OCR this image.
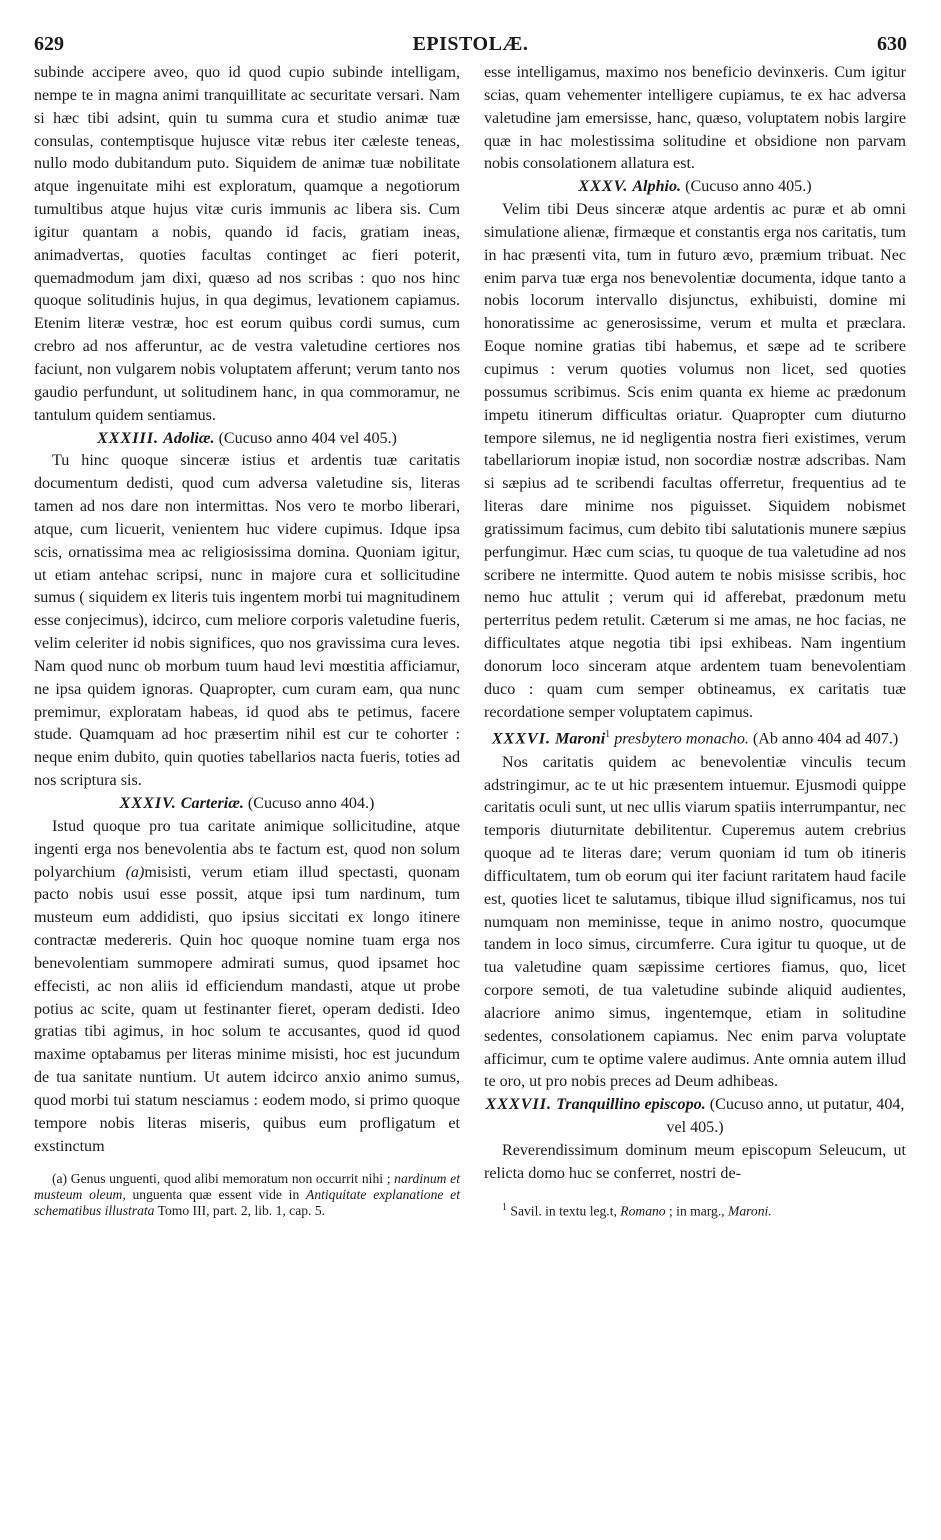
629	EPISTOLÆ.	630

subinde accipere aveo, quo id quod cupio subinde intelligam, nempe te in magna animi tranquillitate ac securitate versari. Nam si hæc tibi adsint, quin tu summa cura et studio animæ tuæ consulas, contemptisque hujusce vitæ rebus iter cæleste teneas, nullo modo dubitandum puto. Siquidem de animæ tuæ nobilitate atque ingenuitate mihi est exploratum, quamque a negotiorum tumultibus atque hujus vitæ curis immunis ac libera sis. Cum igitur quantam a nobis, quando id facis, gratiam ineas, animadvertas, quoties facultas continget ac fieri poterit, quemadmodum jam dixi, quæso ad nos scribas : quo nos hinc quoque solitudinis hujus, in qua degimus, levationem capiamus. Etenim literæ vestræ, hoc est eorum quibus cordi sumus, cum crebro ad nos afferuntur, ac de vestra valetudine certiores nos faciunt, non vulgarem nobis voluptatem afferunt; verum tanto nos gaudio perfundunt, ut solitudinem hanc, in qua commoramur, ne tantulum quidem sentiamus.

XXXIII. Adoliæ. (Cucuso anno 404 vel 405.)

Tu hinc quoque sinceræ istius et ardentis tuæ caritatis documentum dedisti, quod cum adversa valetudine sis, literas tamen ad nos dare non intermittas. Nos vero te morbo liberari, atque, cum licuerit, venientem huc videre cupimus. Idque ipsa scis, ornatissima mea ac religiosissima domina. Quoniam igitur, ut etiam antehac scripsi, nunc in majore cura et sollicitudine sumus ( siquidem ex literis tuis ingentem morbi tui magnitudinem esse conjecimus), idcirco, cum meliore corporis valetudine fueris, velim celeriter id nobis significes, quo nos gravissima cura leves. Nam quod nunc ob morbum tuum haud levi mœstitia afficiamur, ne ipsa quidem ignoras. Quapropter, cum curam eam, qua nunc premimur, exploratam habeas, id quod abs te petimus, facere stude. Quamquam ad hoc præsertim nihil est cur te cohorter : neque enim dubito, quin quoties tabellarios nacta fueris, toties ad nos scriptura sis.

XXXIV. Carteriæ. (Cucuso anno 404.)

Istud quoque pro tua caritate animique sollicitudine, atque ingenti erga nos benevolentia abs te factum est, quod non solum polyarchium (a)misisti, verum etiam illud spectasti, quonam pacto nobis usui esse possit, atque ipsi tum nardinum, tum musteum eum addidisti, quo ipsius siccitati ex longo itinere contractæ medereris. Quin hoc quoque nomine tuam erga nos benevolentiam summopere admirati sumus, quod ipsamet hoc effecisti, ac non aliis id efficiendum mandasti, atque ut probe potius ac scite, quam ut festinanter fieret, operam dedisti. Ideo gratias tibi agimus, in hoc solum te accusantes, quod id quod maxime optabamus per literas minime misisti, hoc est jucundum de tua sanitate nuntium. Ut autem idcirco anxio animo sumus, quod morbi tui statum nesciamus : eodem modo, si primo quoque tempore nobis literas miseris, quibus eum profligatum et exstinctum

(a) Genus unguenti, quod alibi memoratum non occurrit nihi ; nardinum et musteum oleum, unguenta quæ essent vide in Antiquitate explanatione et schematibus illustrata Tomo III, part. 2, lib. 1, cap. 5.

esse intelligamus, maximo nos beneficio devinxeris. Cum igitur scias, quam vehementer intelligere cupiamus, te ex hac adversa valetudine jam emersisse, hanc, quæso, voluptatem nobis largire quæ in hac molestissima solitudine et obsidione non parvam nobis consolationem allatura est.

XXXV. Alphio. (Cucuso anno 405.)

Velim tibi Deus sinceræ atque ardentis ac puræ et ab omni simulatione alienæ, firmæque et constantis erga nos caritatis, tum in hac præsenti vita, tum in futuro ævo, præmium tribuat. Nec enim parva tuæ erga nos benevolentiæ documenta, idque tanto a nobis locorum intervallo disjunctus, exhibuisti, domine mi honoratissime ac generosissime, verum et multa et præclara. Eoque nomine gratias tibi habemus, et sæpe ad te scribere cupimus : verum quoties volumus non licet, sed quoties possumus scribimus. Scis enim quanta ex hieme ac prædonum impetu itinerum difficultas oriatur. Quapropter cum diuturno tempore silemus, ne id negligentia nostra fieri existimes, verum tabellariorum inopiæ istud, non socordiæ nostræ adscribas. Nam si sæpius ad te scribendi facultas offerretur, frequentius ad te literas dare minime nos piguisset. Siquidem nobismet gratissimum facimus, cum debito tibi salutationis munere sæpius perfungimur. Hæc cum scias, tu quoque de tua valetudine ad nos scribere ne intermitte. Quod autem te nobis misisse scribis, hoc nemo huc attulit ; verum qui id afferebat, prædonum metu perterritus pedem retulit. Cæterum si me amas, ne hoc facias, ne difficultates atque negotia tibi ipsi exhibeas. Nam ingentium donorum loco sinceram atque ardentem tuam benevolentiam duco : quam cum semper obtineamus, ex caritatis tuæ recordatione semper voluptatem capimus.

XXXVI. Maroni$^1$ presbytero monacho. (Ab anno 404 ad 407.)

Nos caritatis quidem ac benevolentiæ vinculis tecum adstringimur, ac te ut hic præsentem intuemur. Ejusmodi quippe caritatis oculi sunt, ut nec ullis viarum spatiis interrumpantur, nec temporis diuturnitate debilitentur. Cuperemus autem crebrius quoque ad te literas dare; verum quoniam id tum ob itineris difficultatem, tum ob eorum qui iter faciunt raritatem haud facile est, quoties licet te salutamus, tibique illud significamus, nos tui numquam non meminisse, teque in animo nostro, quocumque tandem in loco simus, circumferre. Cura igitur tu quoque, ut de tua valetudine quam sæpissime certiores fiamus, quo, licet corpore semoti, de tua valetudine subinde aliquid audientes, alacriore animo simus, ingentemque, etiam in solitudine sedentes, consolationem capiamus. Nec enim parva voluptate afficimur, cum te optime valere audimus. Ante omnia autem illud te oro, ut pro nobis preces ad Deum adhibeas.

XXXVII. Tranquillino episcopo. (Cucuso anno, ut putatur, 404, vel 405.)

Reverendissimum dominum meum episcopum Seleucum, ut relicta domo huc se conferret, nostri de-

$^1$ Savil. in textu leg.t, Romano ; in marg., Maroni.
